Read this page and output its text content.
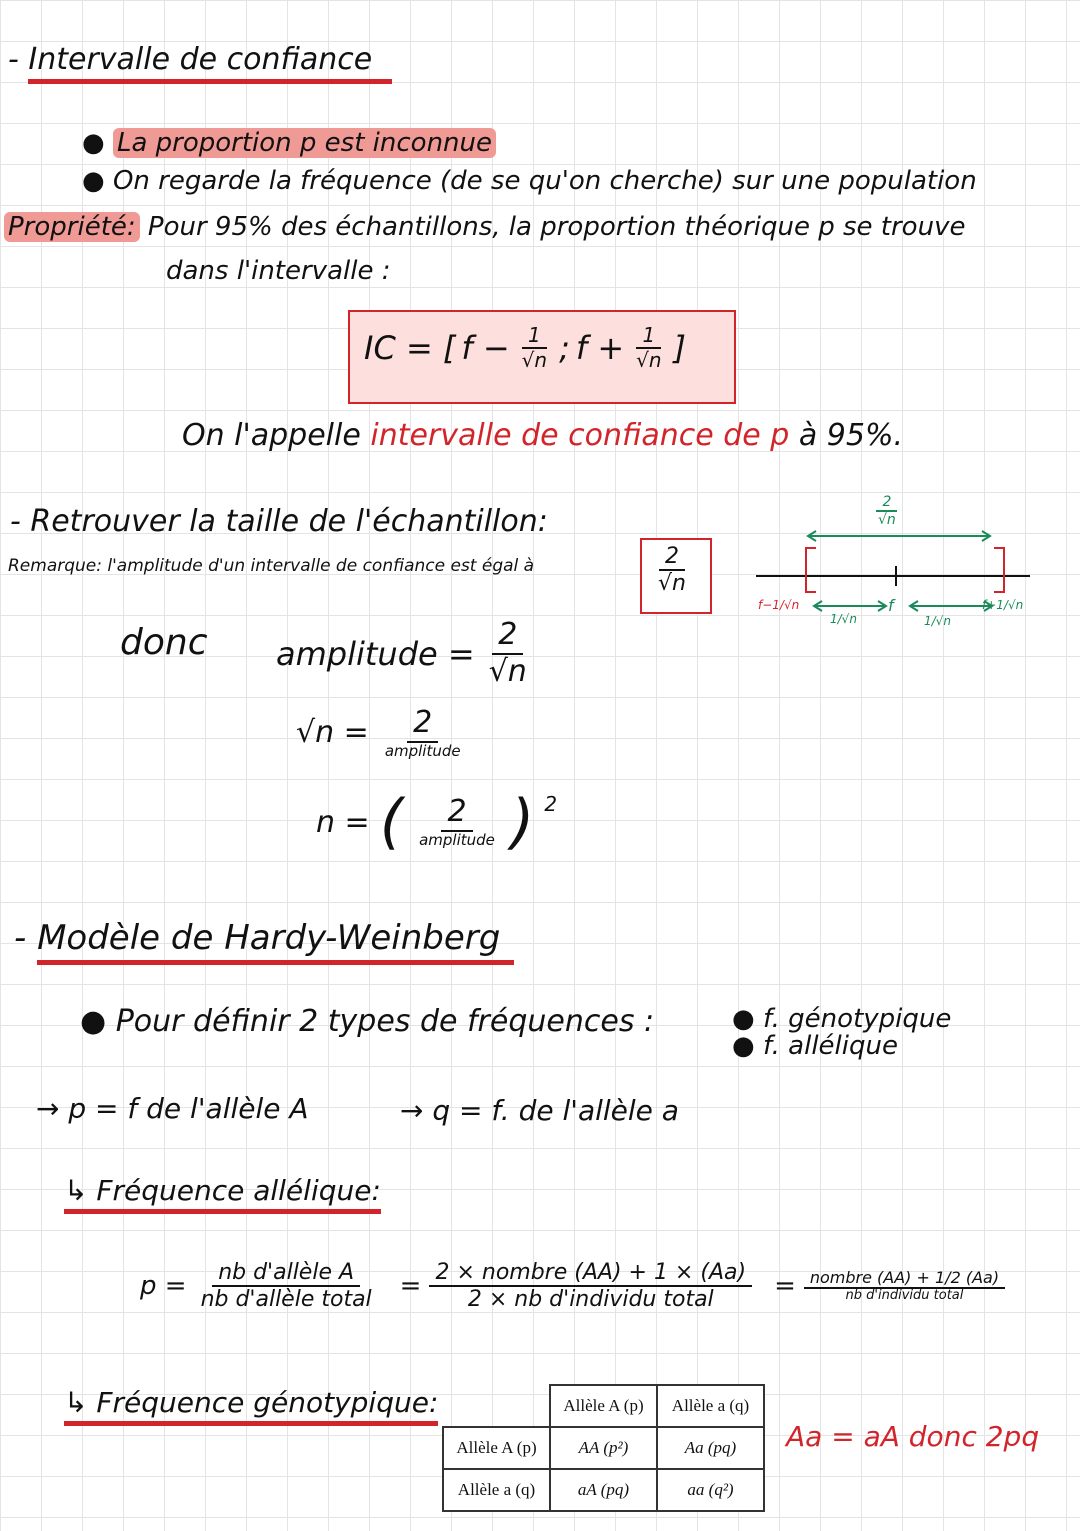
- Intervalle de confiance
● La proportion p est inconnue
● On regarde la fréquence (de se qu'on cherche) sur une population
Propriété: Pour 95% des échantillons, la proportion théorique p se trouve
dans l'intervalle :
IC = [ $f - \frac{1}{√n}$ ; $f + \frac{1}{√n}$ ]
On l'appelle intervalle de confiance de p à 95%.
- Retrouver la taille de l'échantillon:
Remarque: l'amplitude d'un intervalle de confiance est égal à	$\frac{2}{√n}$
donc amplitude = $\frac{2}{√n}$
$√n = \frac{2}{\text{amplitude}}$
n = ( $\frac{2}{\text{amplitude}}$ ) $^2$
$\frac{2}{√n}$
f−1/√n
1/√n
f
1/√n
f+1/√n
- Modèle de Hardy-Weinberg
● Pour définir 2 types de fréquences :	● f. génotypique
● f. allélique
→ p = f de l'allèle A	→ q = f. de l'allèle a
↳ Fréquence allélique:
$p = \frac{\text{nb d'allèle A}}{\text{nb d'allèle total}} = \frac{\text{2 × nombre (AA) + 1 × (Aa)}}{\text{2 × nb d'individu total}} = \frac{\text{nombre (AA) + 1/2 (Aa)}}{\text{nb d'individu total}}$
↳ Fréquence génotypique:
		Allèle A (p)	Allèle a (q)
Allèle A (p)	AA (p²)	Aa (pq)
Allèle a (q)	aA (pq)	aa (q²)
Aa = aA donc 2pq
